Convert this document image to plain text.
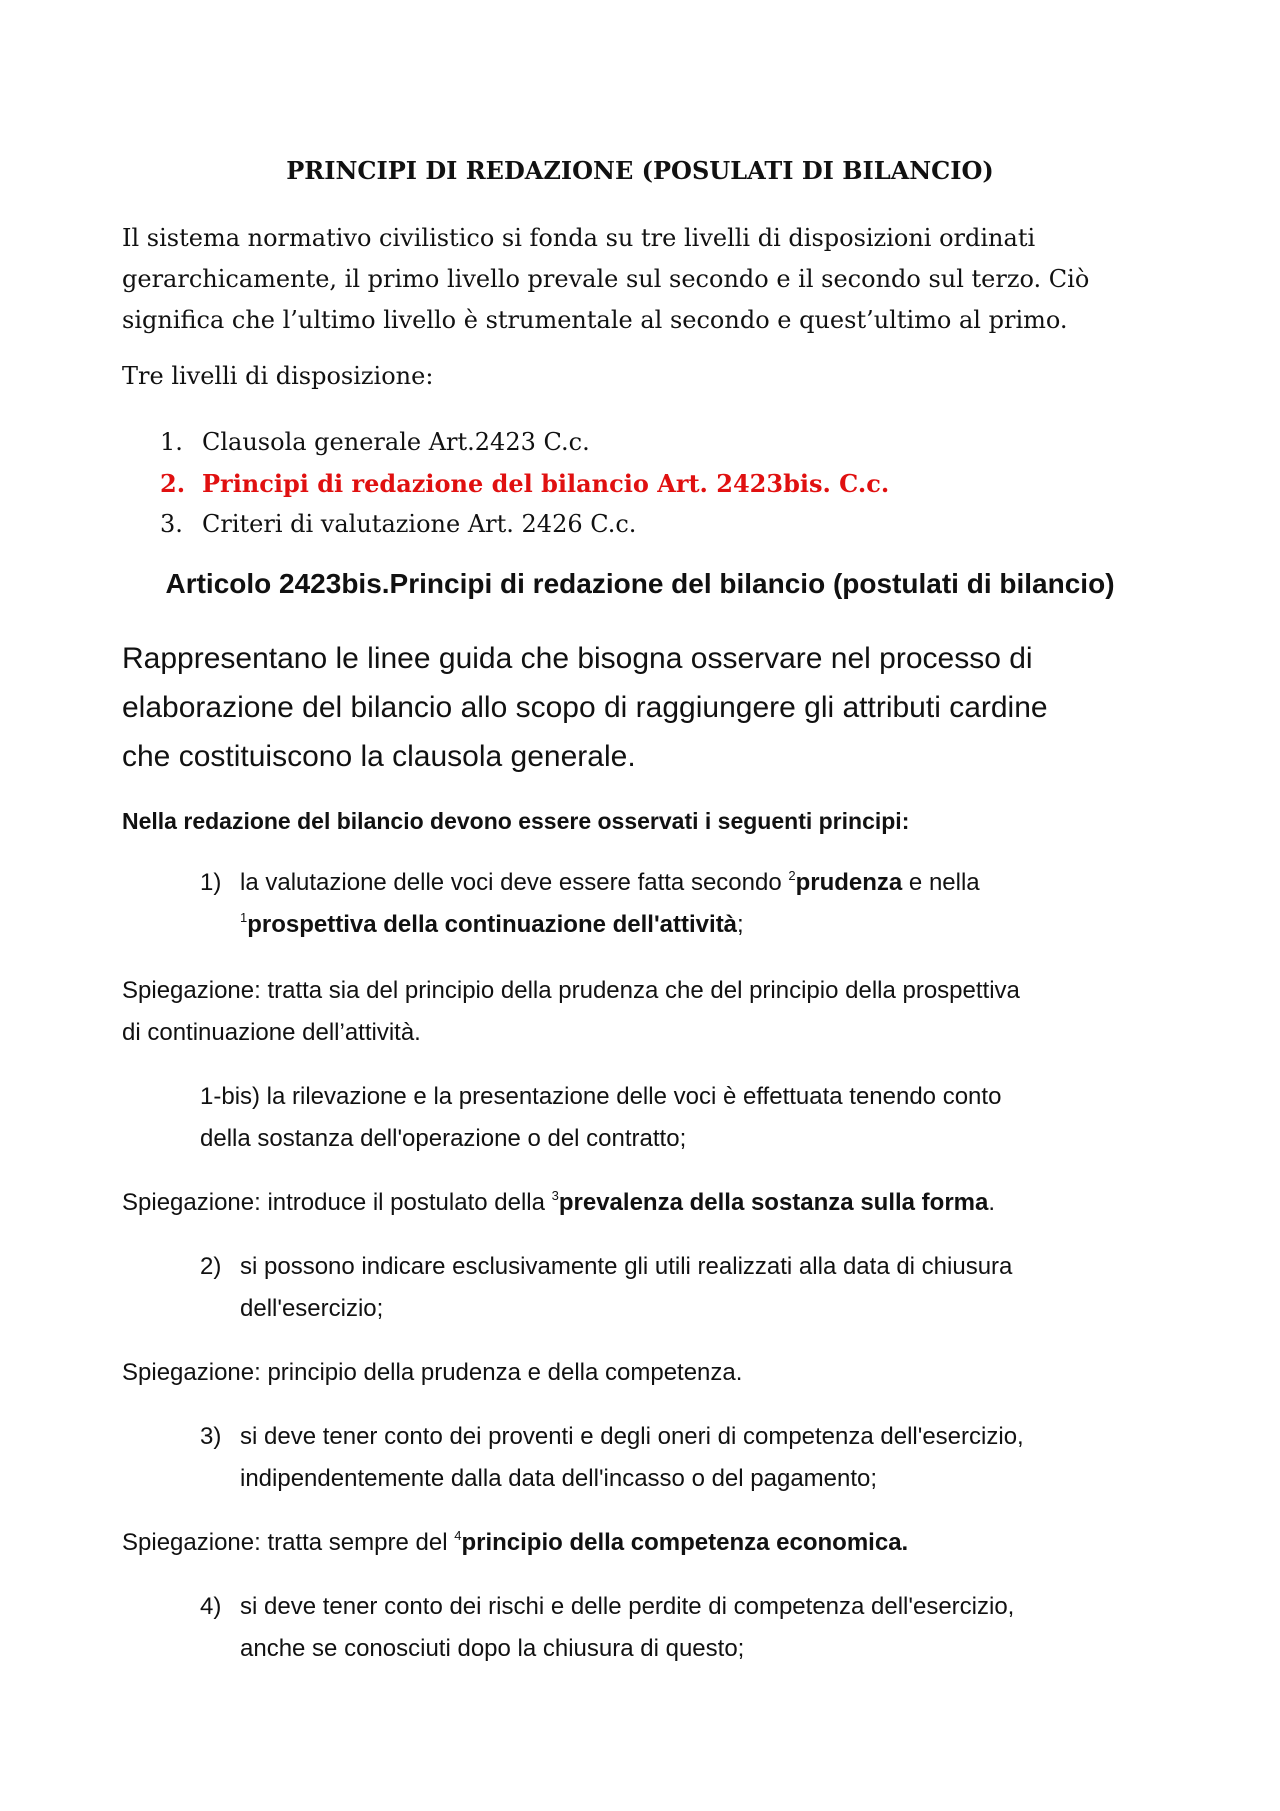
PRINCIPI DI REDAZIONE (POSULATI DI BILANCIO)

Il sistema normativo civilistico si fonda su tre livelli di disposizioni ordinati

gerarchicamente, il primo livello prevale sul secondo e il secondo sul terzo. Ciò

significa che l’ultimo livello è strumentale al secondo e quest’ultimo al primo.

Tre livelli di disposizione:
1. Clausola generale Art.2423 C.c.
2. Principi di redazione del bilancio Art. 2423bis. C.c.
3. Criteri di valutazione Art. 2426 C.c.
Articolo 2423bis.Principi di redazione del bilancio (postulati di bilancio)

Rappresentano le linee guida che bisogna osservare nel processo di

elaborazione del bilancio allo scopo di raggiungere gli attributi cardine

che costituiscono la clausola generale.

Nella redazione del bilancio devono essere osservati i seguenti principi:
1) la valutazione delle voci deve essere fatta secondo $^2$prudenza e nella
$^1$prospettiva della continuazione dell'attività;
Spiegazione: tratta sia del principio della prudenza che del principio della prospettiva
di continuazione dell’attività.
1-bis) la rilevazione e la presentazione delle voci è effettuata tenendo conto
della sostanza dell'operazione o del contratto;
Spiegazione: introduce il postulato della $^3$prevalenza della sostanza sulla forma.
2) si possono indicare esclusivamente gli utili realizzati alla data di chiusura
dell'esercizio;
Spiegazione: principio della prudenza e della competenza.
3) si deve tener conto dei proventi e degli oneri di competenza dell'esercizio,
indipendentemente dalla data dell'incasso o del pagamento;
Spiegazione: tratta sempre del $^4$principio della competenza economica.
4) si deve tener conto dei rischi e delle perdite di competenza dell'esercizio,
anche se conosciuti dopo la chiusura di questo;
